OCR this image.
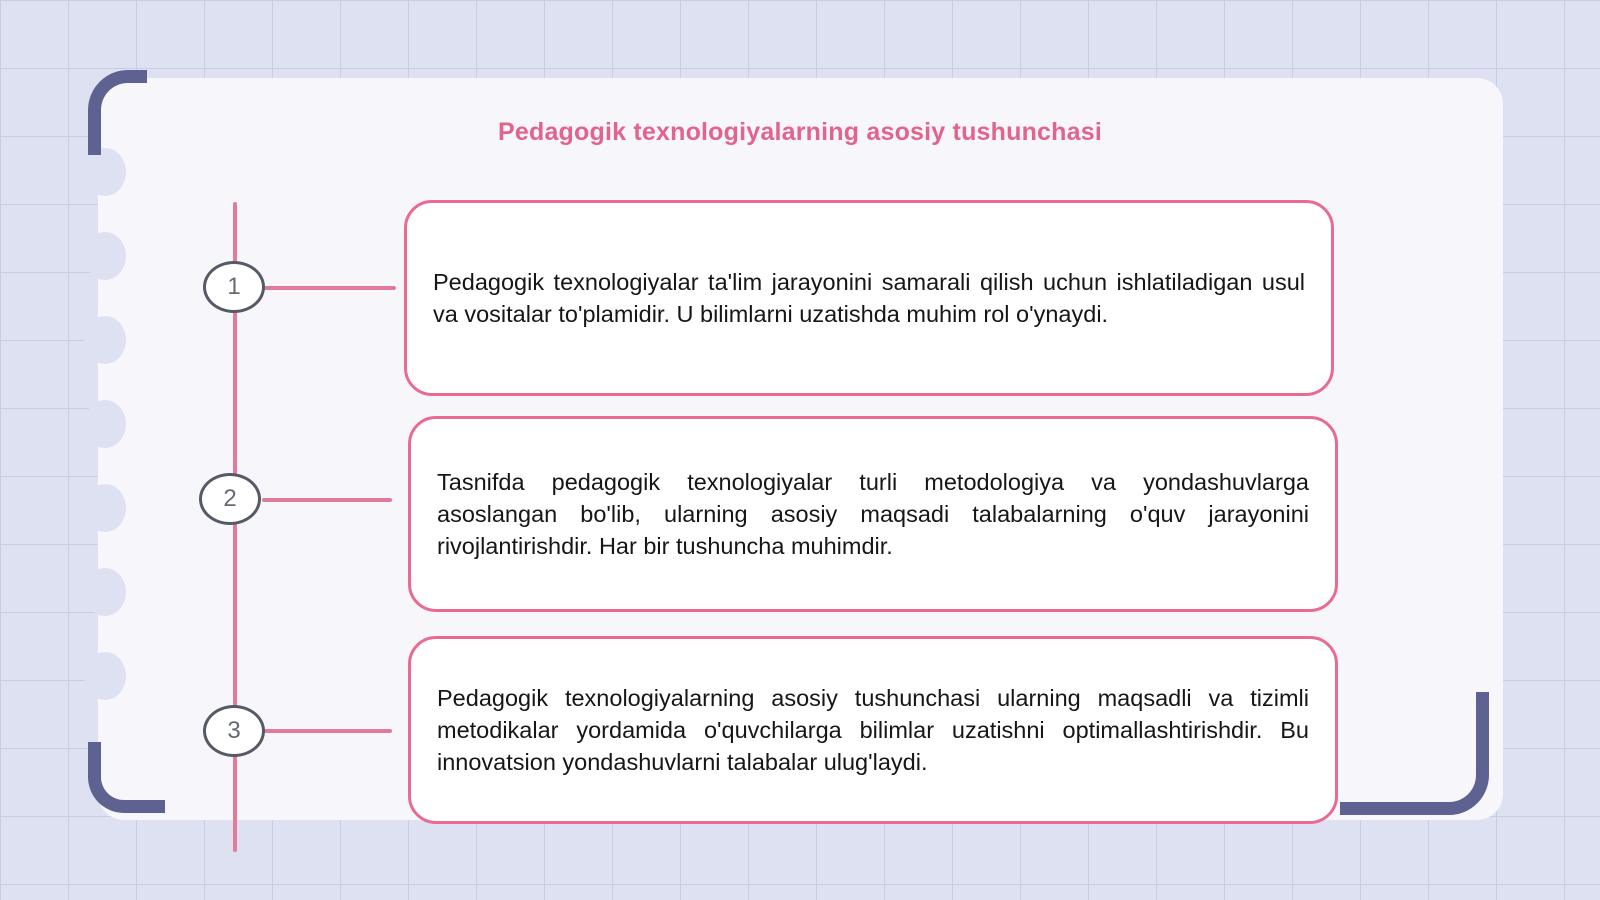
Pedagogik texnologiyalarning asosiy tushunchasi
1
2
3

Pedagogik texnologiyalar ta'lim jarayonini samarali qilish uchun ishlatiladigan usul va vositalar to'plamidir. U bilimlarni uzatishda muhim rol o'ynaydi.

Tasnifda pedagogik texnologiyalar turli metodologiya va yondashuvlarga asoslangan bo'lib, ularning asosiy maqsadi talabalarning o'quv jarayonini rivojlantirishdir. Har bir tushuncha muhimdir.

Pedagogik texnologiyalarning asosiy tushunchasi ularning maqsadli va tizimli metodikalar yordamida o'quvchilarga bilimlar uzatishni optimallashtirishdir. Bu innovatsion yondashuvlarni talabalar ulug'laydi.
